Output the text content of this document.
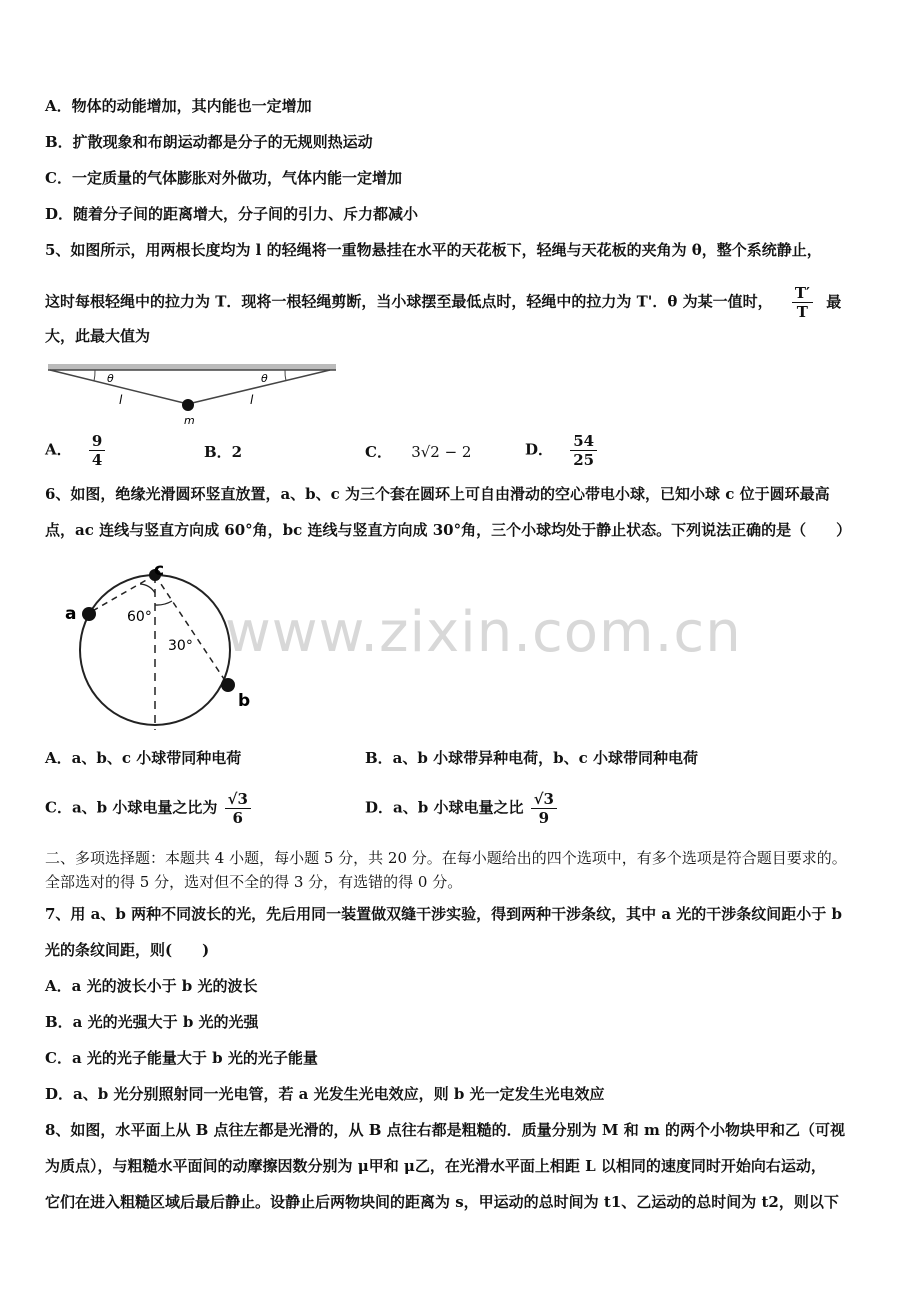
A．物体的动能增加，其内能也一定增加
B．扩散现象和布朗运动都是分子的无规则热运动
C．一定质量的气体膨胀对外做功，气体内能一定增加
D．随着分子间的距离增大，分子间的引力、斥力都减小
5、如图所示，用两根长度均为 l 的轻绳将一重物悬挂在水平的天花板下，轻绳与天花板的夹角为 θ，整个系统静止，
这时每根轻绳中的拉力为 T．现将一根轻绳剪断，当小球摆至最低点时，轻绳中的拉力为 T'．θ 为某一值时， $\frac{T'}{T}$ 最
大，此最大值为
θ	θ
l	l
m
A． $\frac{9}{4}$	B．2	C． 3√2 − 2	D． $\frac{54}{25}$
6、如图，绝缘光滑圆环竖直放置，a、b、c 为三个套在圆环上可自由滑动的空心带电小球，已知小球 c 位于圆环最高
点，ac 连线与竖直方向成 60°角，bc 连线与竖直方向成 30°角，三个小球均处于静止状态。下列说法正确的是（　　）
a
b
c
60°
30° www.zixin.com.cn
A．a、b、c 小球带同种电荷	B．a、b 小球带异种电荷，b、c 小球带同种电荷
C．a、b 小球电量之比为 $\frac{√3}{6}$	D．a、b 小球电量之比 $\frac{√3}{9}$
二、多项选择题：本题共 4 小题，每小题 5 分，共 20 分。在每小题给出的四个选项中，有多个选项是符合题目要求的。
全部选对的得 5 分，选对但不全的得 3 分，有选错的得 0 分。
7、用 a、b 两种不同波长的光，先后用同一装置做双缝干涉实验，得到两种干涉条纹，其中 a 光的干涉条纹间距小于 b
光的条纹间距，则(　　)
A．a 光的波长小于 b 光的波长
B．a 光的光强大于 b 光的光强
C．a 光的光子能量大于 b 光的光子能量
D．a、b 光分别照射同一光电管，若 a 光发生光电效应，则 b 光一定发生光电效应
8、如图，水平面上从 B 点往左都是光滑的，从 B 点往右都是粗糙的．质量分别为 M 和 m 的两个小物块甲和乙（可视
为质点），与粗糙水平面间的动摩擦因数分别为 μ甲和 μ乙，在光滑水平面上相距 L 以相同的速度同时开始向右运动，
它们在进入粗糙区域后最后静止。设静止后两物块间的距离为 s，甲运动的总时间为 t1、乙运动的总时间为 t2，则以下
